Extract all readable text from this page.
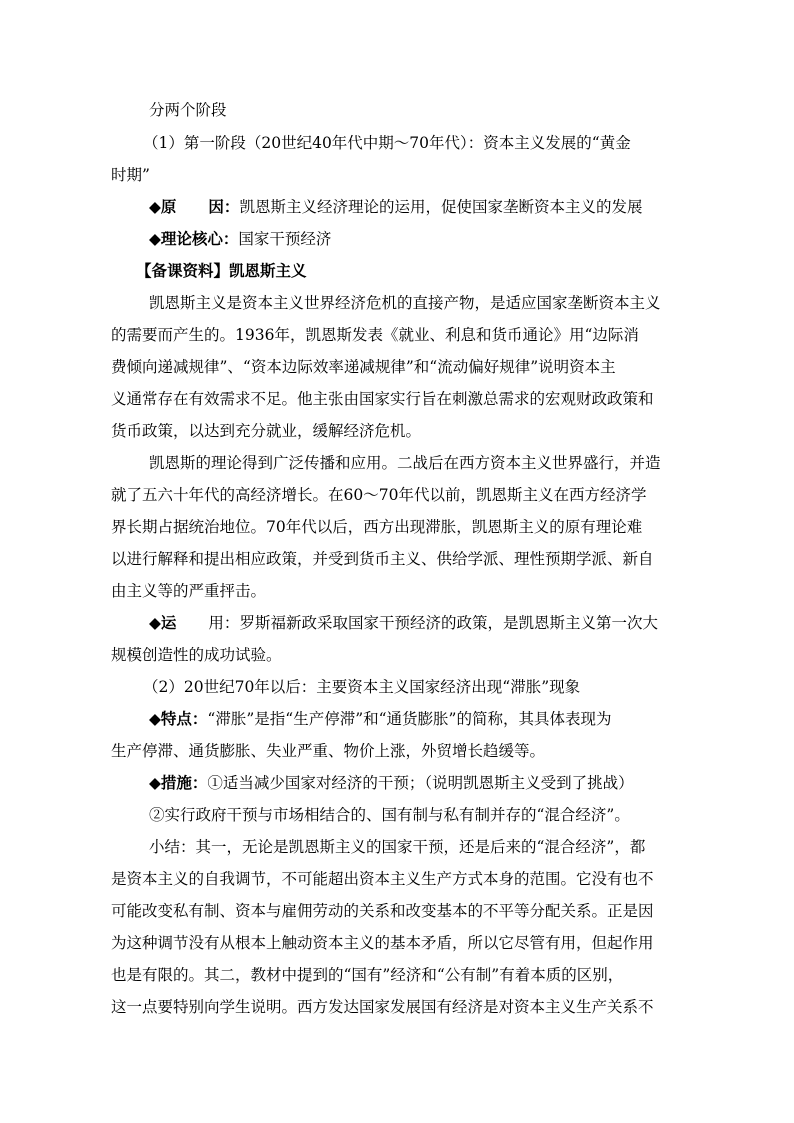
分两个阶段
（1）第一阶段（20世纪40年代中期～70年代）：资本主义发展的“黄金
时期”
◆原 因：凯恩斯主义经济理论的运用，促使国家垄断资本主义的发展
◆理论核心：国家干预经济
【备课资料】凯恩斯主义
凯恩斯主义是资本主义世界经济危机的直接产物，是适应国家垄断资本主义
的需要而产生的。1936年，凯恩斯发表《就业、利息和货币通论》用“边际消
费倾向递减规律”、“资本边际效率递减规律”和“流动偏好规律”说明资本主
义通常存在有效需求不足。他主张由国家实行旨在刺激总需求的宏观财政政策和
货币政策，以达到充分就业，缓解经济危机。
凯恩斯的理论得到广泛传播和应用。二战后在西方资本主义世界盛行，并造
就了五六十年代的高经济增长。在60～70年代以前，凯恩斯主义在西方经济学
界长期占据统治地位。70年代以后，西方出现滞胀，凯恩斯主义的原有理论难
以进行解释和提出相应政策，并受到货币主义、供给学派、理性预期学派、新自
由主义等的严重抨击。
◆运 用：罗斯福新政采取国家干预经济的政策，是凯恩斯主义第一次大
规模创造性的成功试验。
（2）20世纪70年以后：主要资本主义国家经济出现“滞胀”现象
◆特点：“滞胀”是指“生产停滞”和“通货膨胀”的简称，其具体表现为
生产停滞、通货膨胀、失业严重、物价上涨，外贸增长趋缓等。
◆措施：①适当减少国家对经济的干预；（说明凯恩斯主义受到了挑战）
②实行政府干预与市场相结合的、国有制与私有制并存的“混合经济”。
小结：其一，无论是凯恩斯主义的国家干预，还是后来的“混合经济”，都
是资本主义的自我调节，不可能超出资本主义生产方式本身的范围。它没有也不
可能改变私有制、资本与雇佣劳动的关系和改变基本的不平等分配关系。正是因
为这种调节没有从根本上触动资本主义的基本矛盾，所以它尽管有用，但起作用
也是有限的。其二，教材中提到的“国有”经济和“公有制”有着本质的区别，
这一点要特别向学生说明。西方发达国家发展国有经济是对资本主义生产关系不
